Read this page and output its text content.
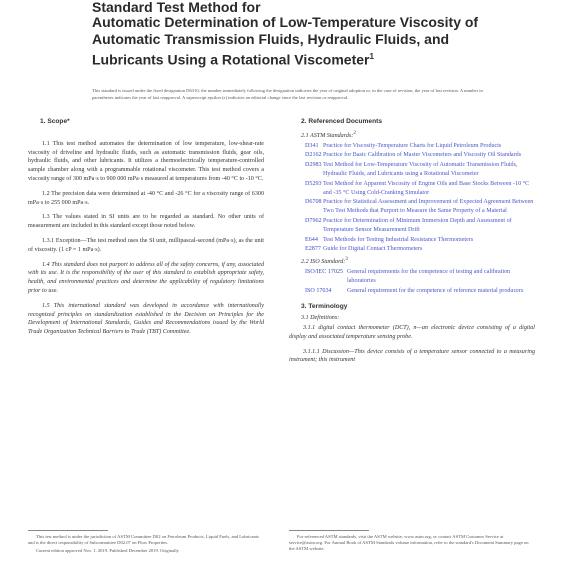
Standard Test Method for
Automatic Determination of Low-Temperature Viscosity of
Automatic Transmission Fluids, Hydraulic Fluids, and
Lubricants Using a Rotational Viscometer$^1$
This standard is issued under the fixed designation D6310; the number immediately following the designation indicates the year of original adoption or, in the case of revision, the year of last revision. A number in parentheses indicates the year of last reapproval. A superscript epsilon (ε) indicates an editorial change since the last revision or reapproval.
1. Scope*

1.1 This test method automates the determination of low temperature, low-shear-rate viscosity of driveline and hydraulic fluids, such as automatic transmission fluids, gear oils, hydraulic fluids, and other lubricants. It utilizes a thermoelectrically temperature-controlled sample chamber along with a programmable rotational viscometer. This test method covers a viscosity range of 300 mPa·s to 900 000 mPa·s measured at temperatures from -40 °C to -10 °C.

1.2 The precision data were determined at -40 °C and -26 °C for a viscosity range of 6300 mPa·s to 255 000 mPa·s.

1.3 The values stated in SI units are to be regarded as standard. No other units of measurement are included in this standard except those noted below.

1.3.1 Exception—The test method uses the SI unit, millipascal-second (mPa·s), as the unit of viscosity. (1 cP = 1 mPa·s).

1.4 This standard does not purport to address all of the safety concerns, if any, associated with its use. It is the responsibility of the user of this standard to establish appropriate safety, health, and environmental practices and determine the applicability of regulatory limitations prior to use.

1.5 This international standard was developed in accordance with internationally recognized principles on standardization established in the Decision on Principles for the Development of International Standards, Guides and Recommendations issued by the World Trade Organization Technical Barriers to Trade (TBT) Committee.

2. Referenced Documents

2.1 ASTM Standards:$^2$

D341 Practice for Viscosity-Temperature Charts for Liquid Petroleum Products
D2162 Practice for Basic Calibration of Master Viscometers and Viscosity Oil Standards
D2983 Test Method for Low-Temperature Viscosity of Automatic Transmission Fluids, Hydraulic Fluids, and Lubricants using a Rotational Viscometer
D5293 Test Method for Apparent Viscosity of Engine Oils and Base Stocks Between -10 °C and -35 °C Using Cold-Cranking Simulator
D6708 Practice for Statistical Assessment and Improvement of Expected Agreement Between Two Test Methods that Purport to Measure the Same Property of a Material
D7962 Practice for Determination of Minimum Immersion Depth and Assessment of Temperature Sensor Measurement Drift
E644 Test Methods for Testing Industrial Resistance Thermometers
E2877 Guide for Digital Contact Thermometers

2.2 ISO Standard:$^3$

ISO/IEC 17025 General requirements for the competence of testing and calibration laboratories
ISO 17034	General requirement for the competence of reference material producers
3. Terminology

3.1 Definitions:

3.1.1 digital contact thermometer (DCT), n—an electronic device consisting of a digital display and associated temperature sensing probe.

3.1.1.1 Discussion—This device consists of a temperature sensor connected to a measuring instrument; this instrument

This test method is under the jurisdiction of ASTM Committee D02 on Petroleum Products, Liquid Fuels, and Lubricants and is the direct responsibility of Subcommittee D02.07 on Flow Properties.

Current edition approved Nov. 1, 2019. Published December 2019. Originally

For referenced ASTM standards, visit the ASTM website, www.astm.org, or contact ASTM Customer Service at service@astm.org. For Annual Book of ASTM Standards volume information, refer to the standard's Document Summary page on the ASTM website.
